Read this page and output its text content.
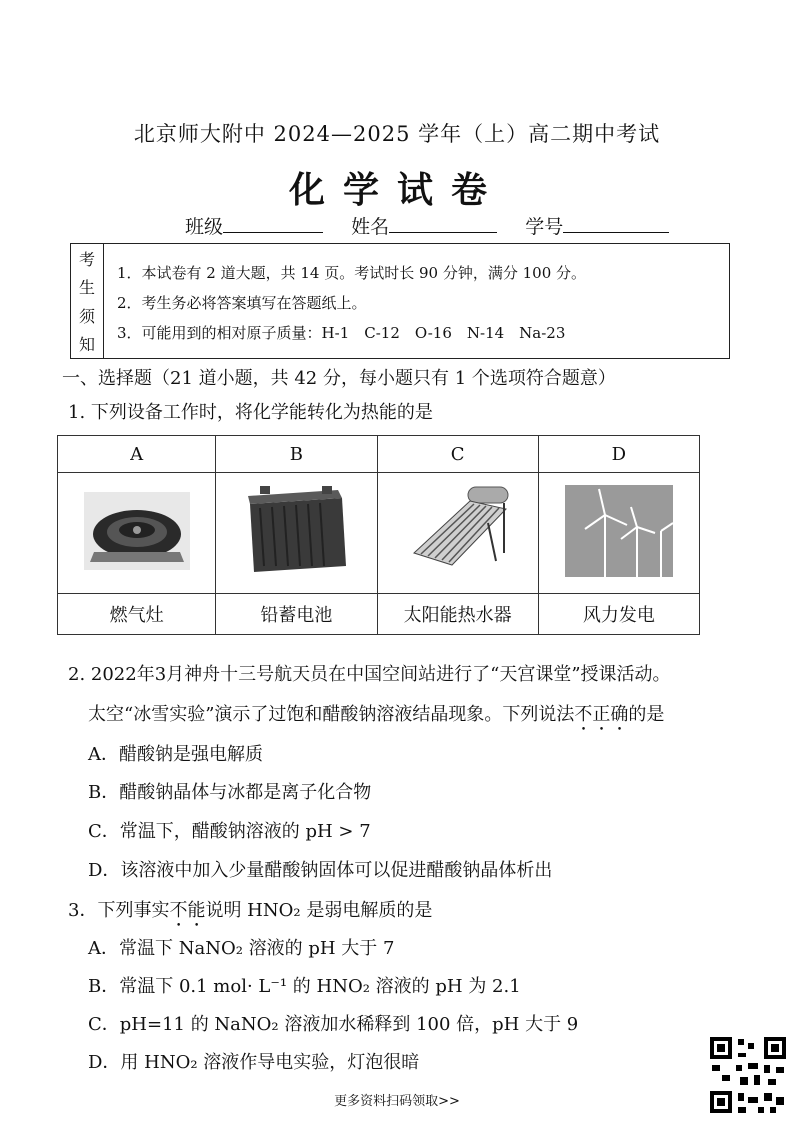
北京师大附中 2024—2025 学年（上）高二期中考试
化学试卷
班级	姓名	学号
考
生
须
知
1．本试卷有 2 道大题，共 14 页。考试时长 90 分钟，满分 100 分。
2．考生务必将答案填写在答题纸上。
3．可能用到的相对原子质量：H-1　C-12　O-16　N-14　Na-23
一、选择题（21 道小题，共 42 分，每小题只有 1 个选项符合题意）
1. 下列设备工作时，将化学能转化为热能的是
A	B	C	D

燃气灶	铅蓄电池	太阳能热水器	风力发电
2. 2022年3月神舟十三号航天员在中国空间站进行了“天宫课堂”授课活动。
太空“冰雪实验”演示了过饱和醋酸钠溶液结晶现象。下列说法不正确的是
A．醋酸钠是强电解质
B．醋酸钠晶体与冰都是离子化合物
C．常温下，醋酸钠溶液的 pH > 7
D．该溶液中加入少量醋酸钠固体可以促进醋酸钠晶体析出
3．下列事实不能说明 HNO₂ 是弱电解质的是
A．常温下 NaNO₂ 溶液的 pH 大于 7
B．常温下 0.1 mol· L⁻¹ 的 HNO₂ 溶液的 pH 为 2.1
C．pH=11 的 NaNO₂ 溶液加水稀释到 100 倍，pH 大于 9
D．用 HNO₂ 溶液作导电实验，灯泡很暗
更多资料扫码领取>>
